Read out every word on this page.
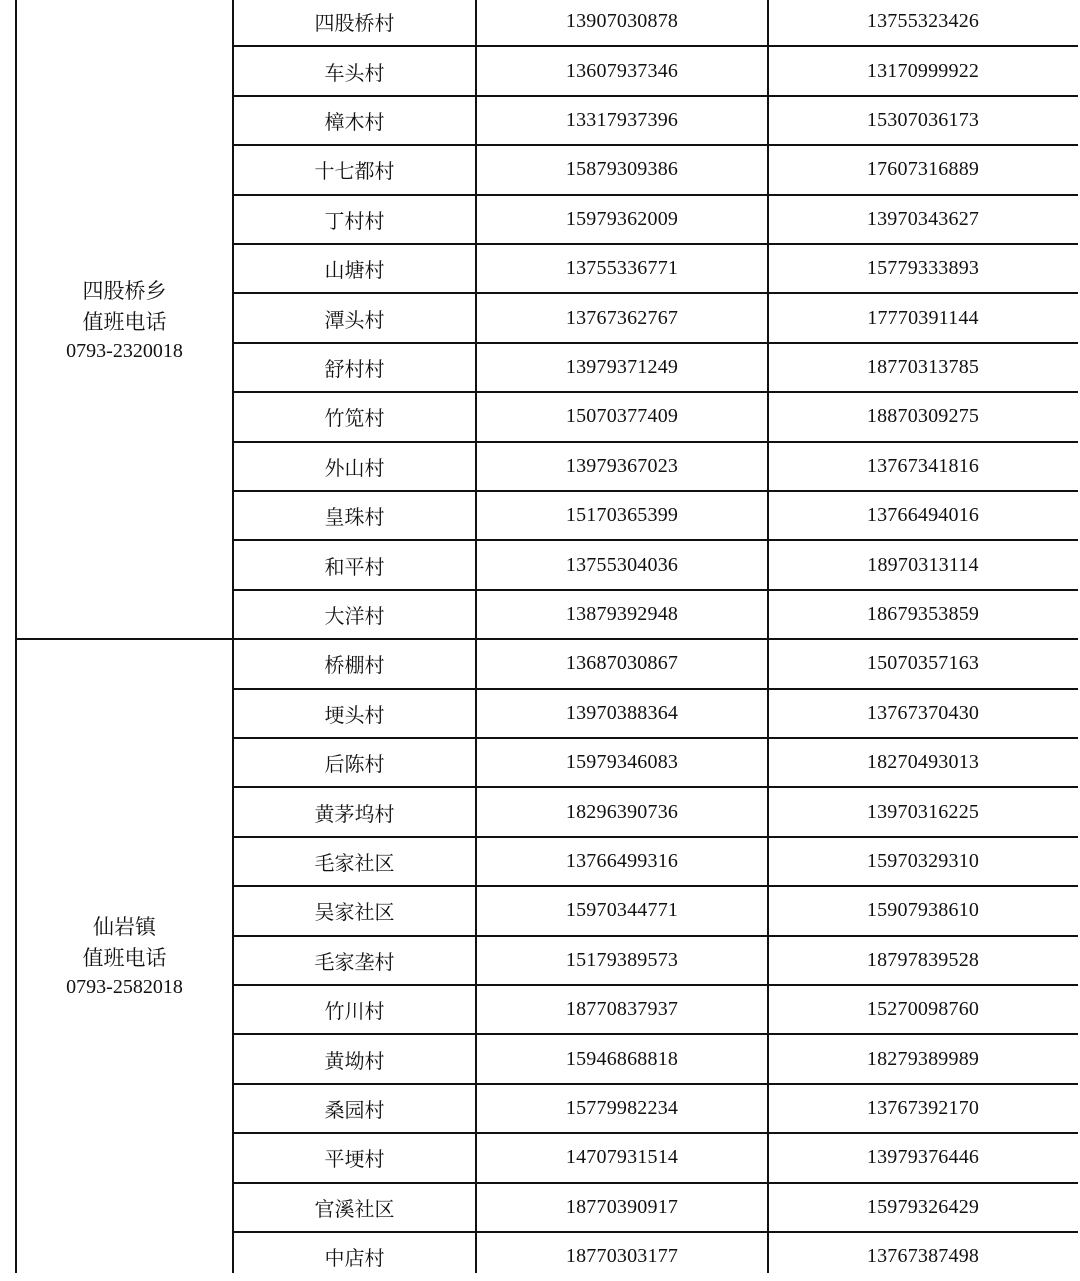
四股桥乡
值班电话
0793-2320018
四股桥村	13907030878	13755323426
车头村	13607937346	13170999922
樟木村	13317937396	15307036173
十七都村	15879309386	17607316889
丁村村	15979362009	13970343627
山塘村	13755336771	15779333893
潭头村	13767362767	17770391144
舒村村	13979371249	18770313785
竹笕村	15070377409	18870309275
外山村	13979367023	13767341816
皇珠村	15170365399	13766494016
和平村	13755304036	18970313114
大洋村	13879392948	18679353859
仙岩镇
值班电话
0793-2582018
桥棚村	13687030867	15070357163
埂头村	13970388364	13767370430
后陈村	15979346083	18270493013
黄茅坞村	18296390736	13970316225
毛家社区	13766499316	15970329310
吴家社区	15970344771	15907938610
毛家垄村	15179389573	18797839528
竹川村	18770837937	15270098760
黄坳村	15946868818	18279389989
桑园村	15779982234	13767392170
平埂村	14707931514	13979376446
官溪社区	18770390917	15979326429
中店村	18770303177	13767387498
